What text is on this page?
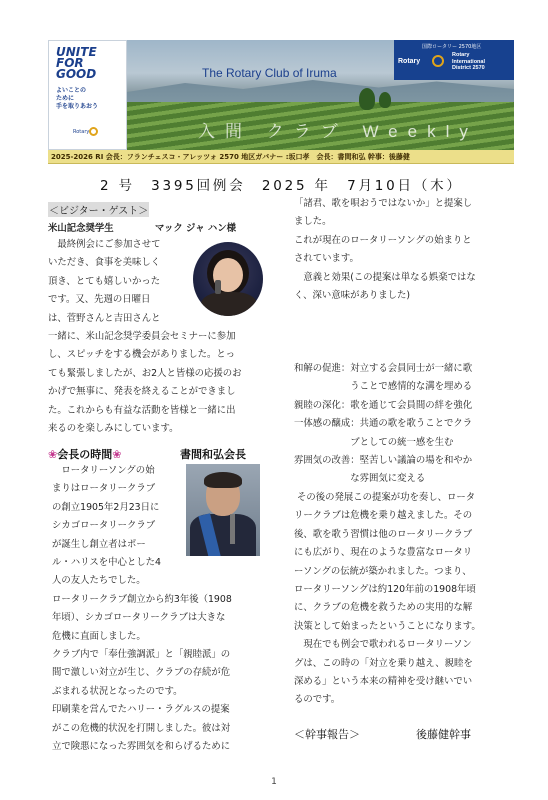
UNITE
FOR
GOOD
よいことの
ために
手を取りあおう
Rotary
The Rotary Club of Iruma
入間 クラブ Weekly
国際ロータリー 2570地区
Rotary
Rotary
International
District 2570
2025-2026 RI 会長：フランチェスコ・アレッツォ 2570 地区ガバナー :坂口孝　会長：書間和弘 幹事：後藤健
2 号　3395回例会　2025 年　7月10日（木）
＜ビジター・ゲスト＞
米山記念奨学生	マック ジャ ハン様
　最終例会にご参加させて
いただき、食事を美味しく
頂き、とても嬉しいかった
です。又、先週の日曜日
は、菅野さんと吉田さんと
一緒に、米山記念奨学委員会セミナーに参加
し、スピッチをする機会がありました。とっ
ても緊張しましたが、お2人と皆様の応援のお
かげで無事に、発表を終えることができまし
た。これからも有益な活動を皆様と一緒に出
来るのを楽しみにしています。
❀会長の時間❀	書間和弘会長
　ロータリーソングの始
まりはロータリークラブ
の創立1905年2月23日に
シカゴロータリークラブ
が誕生し創立者はポー
ル・ハリスを中心とした4
人の友人たちでした。
ロータリークラブ創立から約3年後（1908
年頃）、シカゴロータリークラブは大きな
危機に直面しました。
クラブ内で「奉仕強調派」と「親睦派」の
間で激しい対立が生じ、クラブの存続が危
ぶまれる状況となったのです。
印刷業を営んでたハリー・ラグルスの提案
がこの危機的状況を打開しました。彼は対
立で険悪になった雰囲気を和らげるために
「諸君、歌を唄おうではないか」と提案し
ました。
これが現在のロータリーソングの始まりと
されています。
　意義と効果(この提案は単なる娯楽ではな
く、深い意味がありました)
和解の促進：対立する会員同士が一緒に歌
　　　　　　うことで感情的な溝を埋める
親睦の深化：歌を通じて会員間の絆を強化
一体感の醸成：共通の歌を歌うことでクラ
　　　　　　ブとしての統一感を生む
雰囲気の改善：堅苦しい議論の場を和やか
　　　　　　な雰囲気に変える
その後の発展この提案が功を奏し、ロータ
リークラブは危機を乗り越えました。その
後、歌を歌う習慣は他のロータリークラブ
にも広がり、現在のような豊富なロータリ
ーソングの伝統が築かれました。つまり、
ロータリーソングは約120年前の1908年頃
に、クラブの危機を救うための実用的な解
決策として始まったということになります。
　現在でも例会で歌われるロータリーソン
グは、この時の「対立を乗り越え、親睦を
深める」という本来の精神を受け継いでい
るのです。
＜幹事報告＞	後藤健幹事
1
